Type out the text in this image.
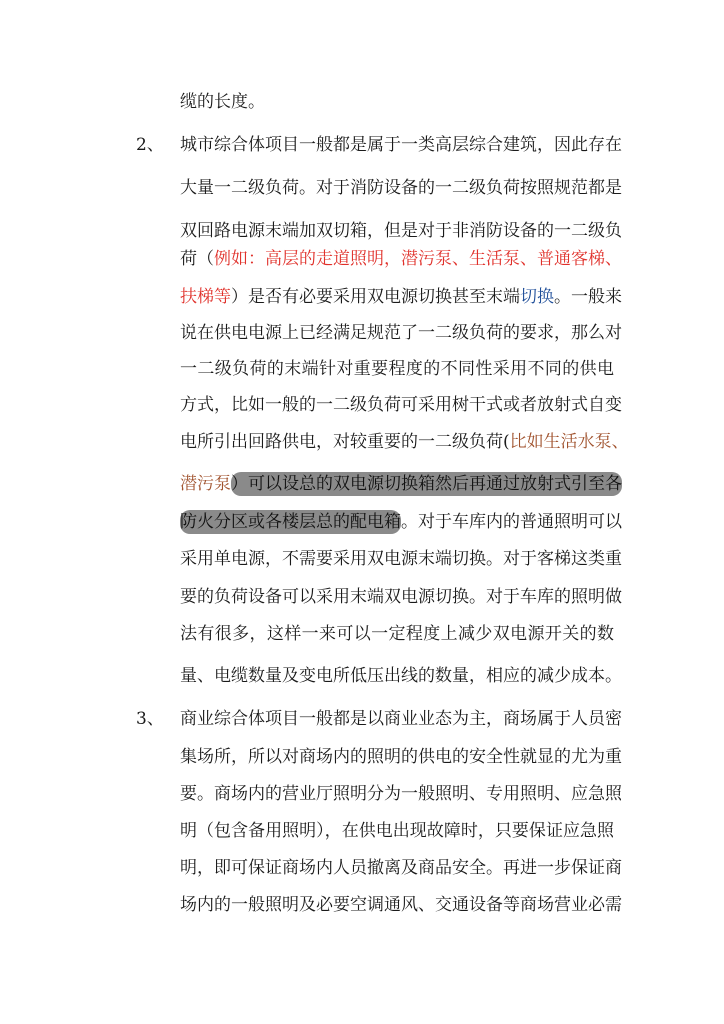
缆的长度。
2、 城市综合体项目一般都是属于一类高层综合建筑，因此存在
大量一二级负荷。对于消防设备的一二级负荷按照规范都是
双回路电源末端加双切箱，但是对于非消防设备的一二级负
荷（例如：高层的走道照明，潜污泵、生活泵、普通客梯、
扶梯等）是否有必要采用双电源切换甚至末端切换。一般来
说在供电电源上已经满足规范了一二级负荷的要求，那么对
一二级负荷的末端针对重要程度的不同性采用不同的供电
方式，比如一般的一二级负荷可采用树干式或者放射式自变
电所引出回路供电，对较重要的一二级负荷(比如生活水泵、
潜污泵）可以设总的双电源切换箱然后再通过放射式引至各
防火分区或各楼层总的配电箱。对于车库内的普通照明可以
采用单电源，不需要采用双电源末端切换。对于客梯这类重
要的负荷设备可以采用末端双电源切换。对于车库的照明做
法有很多，这样一来可以一定程度上减少双电源开关的数
量、电缆数量及变电所低压出线的数量，相应的减少成本。
3、 商业综合体项目一般都是以商业业态为主，商场属于人员密
集场所，所以对商场内的照明的供电的安全性就显的尤为重
要。商场内的营业厅照明分为一般照明、专用照明、应急照
明（包含备用照明），在供电出现故障时，只要保证应急照
明，即可保证商场内人员撤离及商品安全。再进一步保证商
场内的一般照明及必要空调通风、交通设备等商场营业必需
